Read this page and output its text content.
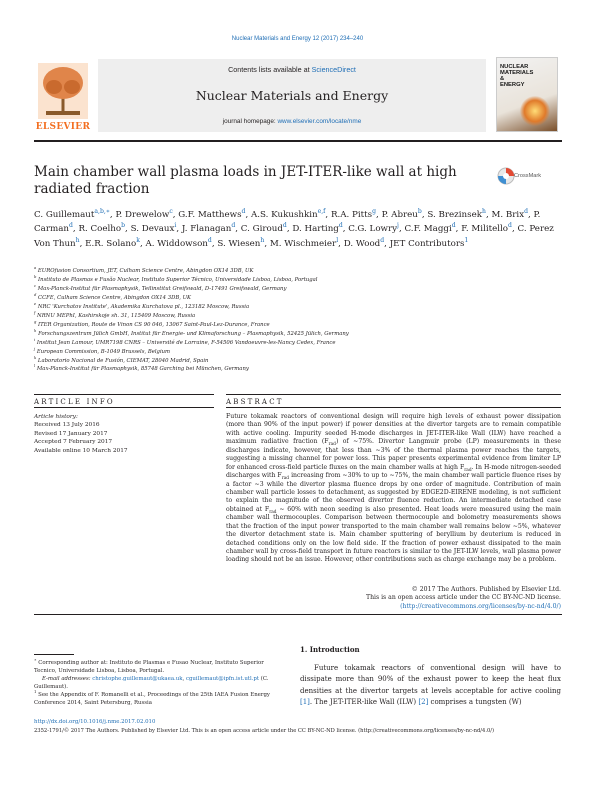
Nuclear Materials and Energy 12 (2017) 234–240
ELSEVIER
Contents lists available at ScienceDirect
Nuclear Materials and Energy
journal homepage: www.elsevier.com/locate/nme
NUCLEAR
MATERIALS
&
ENERGY
Main chamber wall plasma loads in JET-ITER-like wall at high radiated fraction
CrossMark
C. Guillemaut$^{a,b,∗}$, P. Drewelow$^c$, G.F. Matthews$^d$, A.S. Kukushkin$^{e,f}$, R.A. Pitts$^g$, P. Abreu$^b$, S. Brezinsek$^h$, M. Brix$^d$, P. Carman$^d$, R. Coelho$^b$, S. Devaux$^i$, J. Flanagan$^d$, C. Giroud$^d$, D. Harting$^d$, C.G. Lowry$^j$, C.F. Maggi$^d$, F. Militello$^d$, C. Perez Von Thun$^h$, E.R. Solano$^k$, A. Widdowson$^d$, S. Wiesen$^h$, M. Wischmeier$^l$, D. Wood$^d$, JET Contributors$^1$
$^a$ EUROfusion Consortium, JET, Culham Science Centre, Abingdon OX14 3DB, UK
$^b$ Instituto de Plasmas e Fusão Nuclear, Instituto Superior Técnico, Universidade Lisboa, Lisboa, Portugal
$^c$ Max-Planck-Institut für Plasmaphysik, Teilinstitut Greifswald, D-17491 Greifswald, Germany
$^d$ CCFE, Culham Science Centre, Abingdon OX14 3DB, UK
$^e$ NRC 'Kurchatov Institute', Akademika Kurchatova pl., 123182 Moscow, Russia
$^f$ NRNU MEPhI, Kashirskoje sh. 31, 115409 Moscow, Russia
$^g$ ITER Organization, Route de Vinon CS 90 046, 13067 Saint-Paul-Lez-Durance, France
$^h$ Forschungszentrum Jülich GmbH, Institut für Energie- und Klimaforschung – Plasmaphysik, 52425 Jülich, Germany
$^i$ Institut Jean Lamour, UMR7198 CNRS – Université de Lorraine, F-54506 Vandoeuvre-les-Nancy Cedex, France
$^j$ European Commission, B-1049 Brussels, Belgium
$^k$ Laboratorio Nacional de Fusión, CIEMAT, 28040 Madrid, Spain
$^l$ Max-Planck-Institut für Plasmaphysik, 85748 Garching bei München, Germany
ARTICLE INFO	ABSTRACT
Article history:
Received 13 July 2016
Revised 17 January 2017
Accepted 7 February 2017
Available online 10 March 2017
Future tokamak reactors of conventional design will require high levels of exhaust power dissipation (more than 90% of the input power) if power densities at the divertor targets are to remain compatible with active cooling. Impurity seeded H-mode discharges in JET-ITER-like Wall (ILW) have reached a maximum radiative fraction $(F_{rad})$ of ~75%. Divertor Langmuir probe (LP) measurements in these discharges indicate, however, that less than ~3% of the thermal plasma power reaches the targets, suggesting a missing channel for power loss. This paper presents experimental evidence from limiter LP for enhanced cross-field particle fluxes on the main chamber walls at high $F_{rad}$. In H-mode nitrogen-seeded discharges with $F_{rad}$ increasing from ~30% to up to ~75%, the main chamber wall particle fluence rises by a factor ~3 while the divertor plasma fluence drops by one order of magnitude. Contribution of main chamber wall particle losses to detachment, as suggested by EDGE2D-EIRENE modeling, is not sufficient to explain the magnitude of the observed divertor fluence reduction. An intermediate detached case obtained at $F_{rad}$ ~ 60% with neon seeding is also presented. Heat loads were measured using the main chamber wall thermocouples. Comparison between thermocouple and bolometry measurements shows that the fraction of the input power transported to the main chamber wall remains below ~5%, whatever the divertor detachment state is. Main chamber sputtering of beryllium by deuterium is reduced in detached conditions only on the low field side. If the fraction of power exhaust dissipated to the main chamber wall by cross-field transport in future reactors is similar to the JET-ILW levels, wall plasma power loading should not be an issue. However, other contributions such as charge exchange may be a problem.
© 2017 The Authors. Published by Elsevier Ltd.
This is an open access article under the CC BY-NC-ND license.
(http://creativecommons.org/licenses/by-nc-nd/4.0/)
1. Introduction
Future tokamak reactors of conventional design will have to dissipate more than 90% of the exhaust power to keep the heat flux densities at the divertor targets at levels acceptable for active cooling [1]. The JET-ITER-like Wall (ILW) [2] comprises a tungsten (W)
∗ Corresponding author at: Instituto de Plasmas e Fusao Nuclear, Instituto Superior Tecnico, Universidade Lisboa, Lisboa, Portugal.
E-mail addresses: christophe.guillemaut@ukaea.uk, cguillemaut@ipfn.ist.utl.pt (C. Guillemaut).
$^1$ See the Appendix of F. Romanelli et al., Proceedings of the 25th IAEA Fusion Energy Conference 2014, Saint Petersburg, Russia
http://dx.doi.org/10.1016/j.nme.2017.02.010
2352-1791/© 2017 The Authors. Published by Elsevier Ltd. This is an open access article under the CC BY-NC-ND license. (http://creativecommons.org/licenses/by-nc-nd/4.0/)
